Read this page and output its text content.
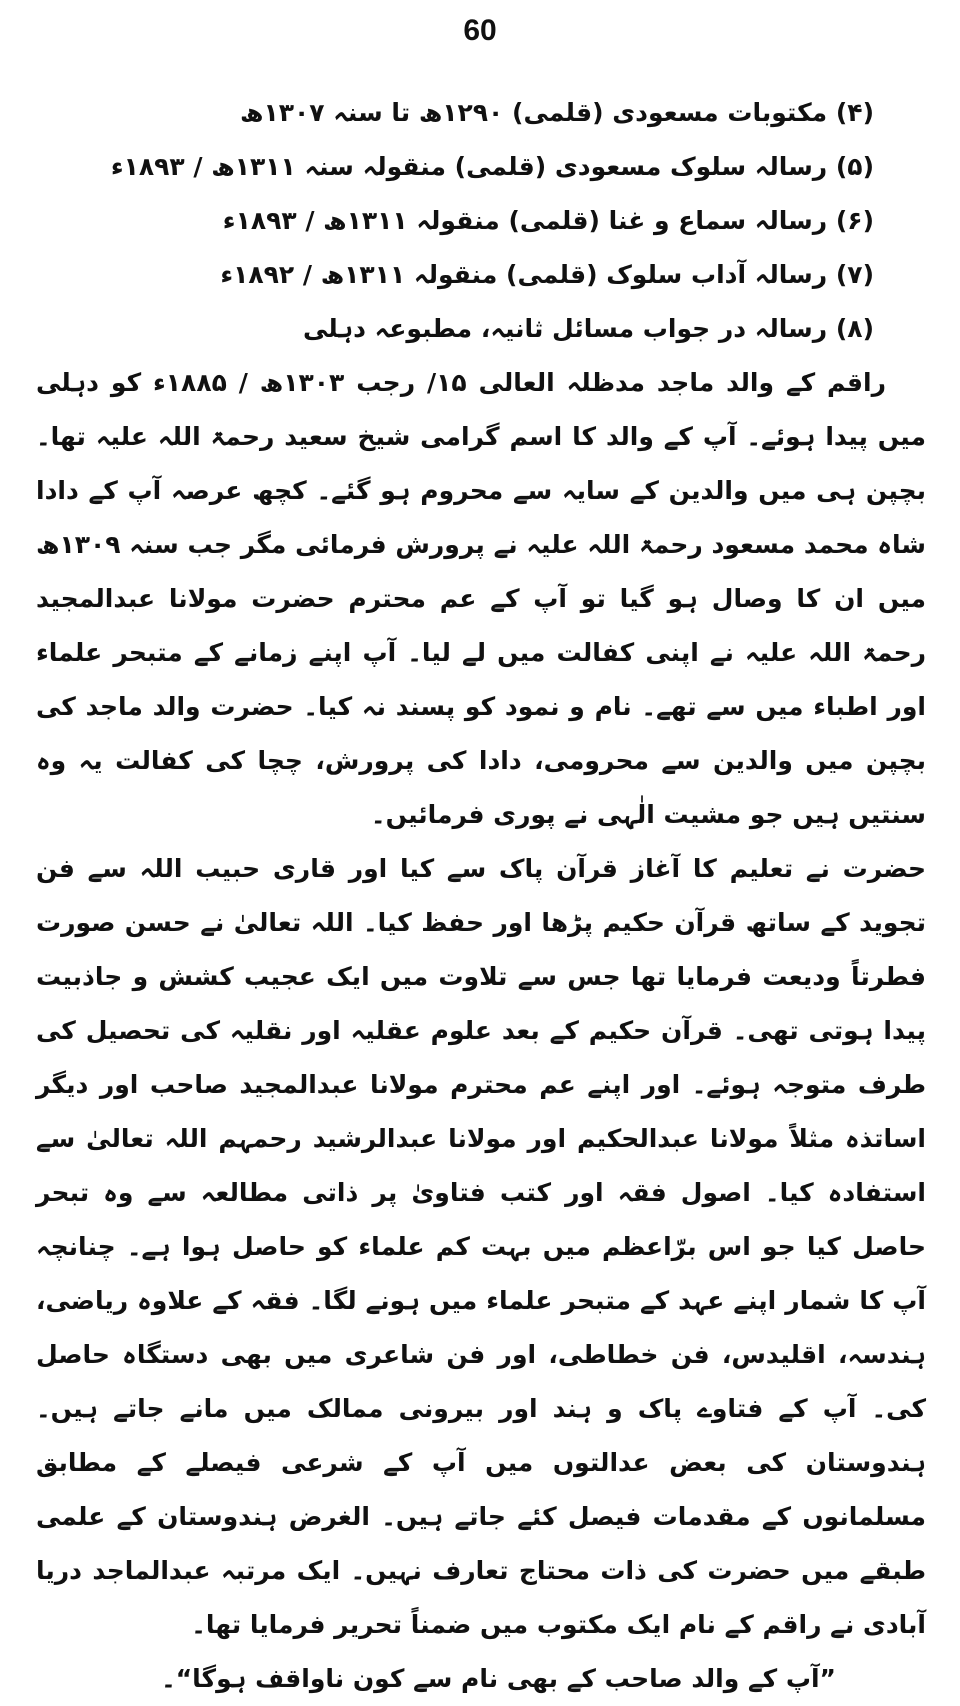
60
(۴) مکتوبات مسعودی (قلمی) ۱۲۹۰ھ تا سنہ ۱۳۰۷ھ
(۵) رسالہ سلوک مسعودی (قلمی) منقولہ سنہ ۱۳۱۱ھ / ۱۸۹۳ء
(۶) رسالہ سماع و غنا (قلمی) منقولہ ۱۳۱۱ھ / ۱۸۹۳ء
(۷) رسالہ آداب سلوک (قلمی) منقولہ ۱۳۱۱ھ / ۱۸۹۲ء
(۸) رسالہ در جواب مسائل ثانیہ، مطبوعہ دہلی

راقم کے والد ماجد مدظلہ العالی ۱۵/ رجب ۱۳۰۳ھ / ۱۸۸۵ء کو دہلی میں پیدا ہوئے۔ آپ کے والد کا اسم گرامی شیخ سعید رحمۃ اللہ علیہ تھا۔ بچپن ہی میں والدین کے سایہ سے محروم ہو گئے۔ کچھ عرصہ آپ کے دادا شاہ محمد مسعود رحمۃ اللہ علیہ نے پرورش فرمائی مگر جب سنہ ۱۳۰۹ھ میں ان کا وصال ہو گیا تو آپ کے عم محترم حضرت مولانا عبدالمجید رحمۃ اللہ علیہ نے اپنی کفالت میں لے لیا۔ آپ اپنے زمانے کے متبحر علماء اور اطباء میں سے تھے۔ نام و نمود کو پسند نہ کیا۔ حضرت والد ماجد کی بچپن میں والدین سے محرومی، دادا کی پرورش، چچا کی کفالت یہ وہ سنتیں ہیں جو مشیت الٰہی نے پوری فرمائیں۔

حضرت نے تعلیم کا آغاز قرآن پاک سے کیا اور قاری حبیب اللہ سے فن تجوید کے ساتھ قرآن حکیم پڑھا اور حفظ کیا۔ اللہ تعالیٰ نے حسن صورت فطرتاً ودیعت فرمایا تھا جس سے تلاوت میں ایک عجیب کشش و جاذبیت پیدا ہوتی تھی۔ قرآن حکیم کے بعد علوم عقلیہ اور نقلیہ کی تحصیل کی طرف متوجہ ہوئے۔ اور اپنے عم محترم مولانا عبدالمجید صاحب اور دیگر اساتذہ مثلاً مولانا عبدالحکیم اور مولانا عبدالرشید رحمہم اللہ تعالیٰ سے استفادہ کیا۔ اصول فقہ اور کتب فتاویٰ پر ذاتی مطالعہ سے وہ تبحر حاصل کیا جو اس برّاعظم میں بہت کم علماء کو حاصل ہوا ہے۔ چنانچہ آپ کا شمار اپنے عہد کے متبحر علماء میں ہونے لگا۔ فقہ کے علاوہ ریاضی، ہندسہ، اقلیدس، فن خطاطی، اور فن شاعری میں بھی دستگاہ حاصل کی۔ آپ کے فتاوے پاک و ہند اور بیرونی ممالک میں مانے جاتے ہیں۔ ہندوستان کی بعض عدالتوں میں آپ کے شرعی فیصلے کے مطابق مسلمانوں کے مقدمات فیصل کئے جاتے ہیں۔ الغرض ہندوستان کے علمی طبقے میں حضرت کی ذات محتاج تعارف نہیں۔ ایک مرتبہ عبدالماجد دریا آبادی نے راقم کے نام ایک مکتوب میں ضمناً تحریر فرمایا تھا۔

”آپ کے والد صاحب کے بھی نام سے کون ناواقف ہوگا“۔
